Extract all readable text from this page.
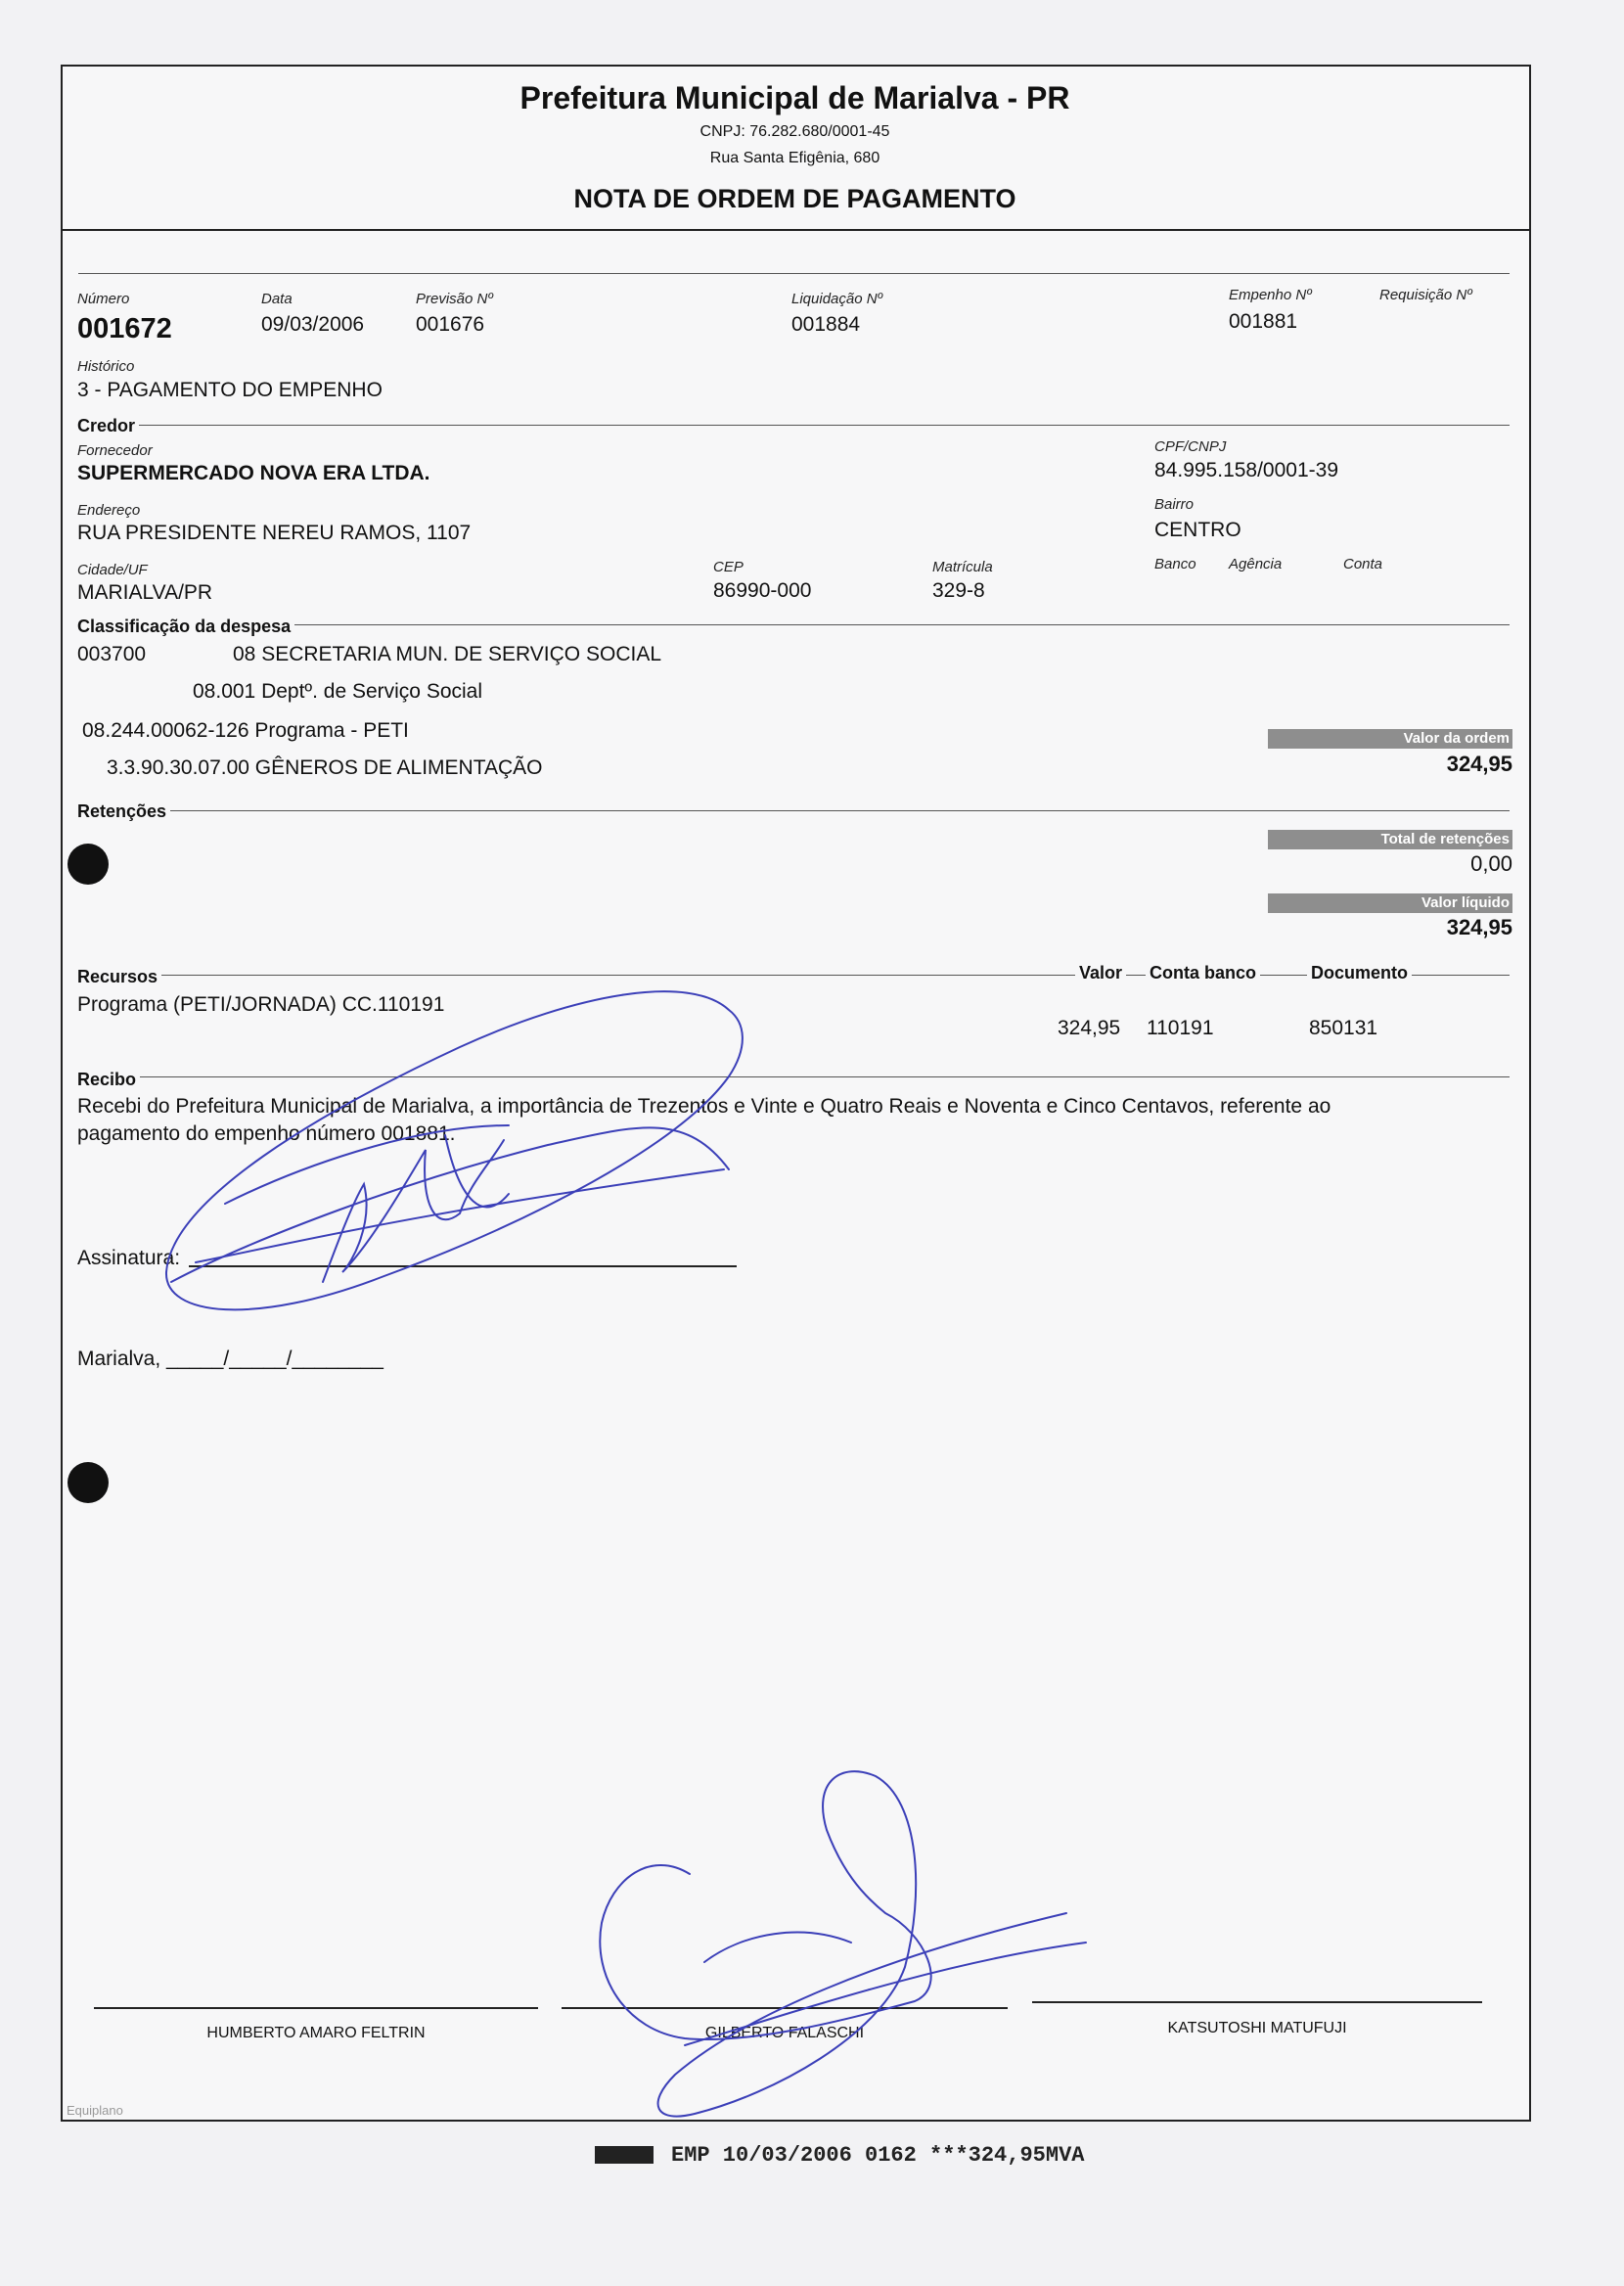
Prefeitura Municipal de Marialva - PR
CNPJ: 76.282.680/0001-45
Rua Santa Efigênia, 680
NOTA DE ORDEM DE PAGAMENTO
Número
001672
Data
09/03/2006
Previsão Nº
001676
Liquidação Nº
001884
Empenho Nº
001881
Requisição Nº
Histórico
3 - PAGAMENTO DO EMPENHO
Credor
Fornecedor
SUPERMERCADO NOVA ERA LTDA.
CPF/CNPJ
84.995.158/0001-39
Endereço
RUA PRESIDENTE NEREU RAMOS, 1107
Bairro
CENTRO
Cidade/UF
MARIALVA/PR
CEP
86990-000
Matrícula
329-8
Banco Agência	Conta
Classificação da despesa
003700	08 SECRETARIA MUN. DE SERVIÇO SOCIAL
08.001 Deptº. de Serviço Social
08.244.00062-126 Programa - PETI
3.3.90.30.07.00 GÊNEROS DE ALIMENTAÇÃO
Valor da ordem
324,95
Retenções
Total de retenções
0,00
Valor líquido
324,95
Recursos	Valor Conta banco	Documento
Programa (PETI/JORNADA) CC.110191
324,95 110191	850131
Recibo
Recebi do Prefeitura Municipal de Marialva, a importância de Trezentos e Vinte e Quatro Reais e Noventa e Cinco Centavos, referente ao
pagamento do empenho número 001881.
Assinatura:
Marialva, _____/_____/________
HUMBERTO AMARO FELTRIN	GILBERTO FALASCHI	KATSUTOSHI MATUFUJI
Equiplano
EMP 10/03/2006 0162 ***324,95MVA
